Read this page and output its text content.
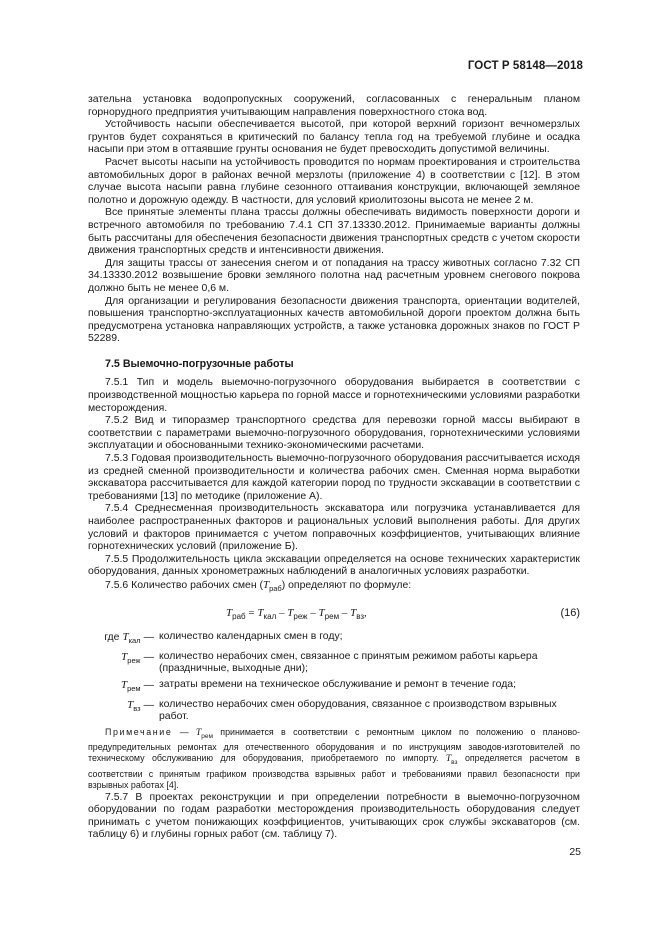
ГОСТ Р 58148—2018

зательна установка водопропускных сооружений, согласованных с генеральным планом горнорудного предприятия учитывающим направления поверхностного стока вод.

Устойчивость насыпи обеспечивается высотой, при которой верхний горизонт вечномерзлых грунтов будет сохраняться в критический по балансу тепла год на требуемой глубине и осадка насыпи при этом в оттаявшие грунты основания не будет превосходить допустимой величины.

Расчет высоты насыпи на устойчивость проводится по нормам проектирования и строительства автомобильных дорог в районах вечной мерзлоты (приложение 4) в соответствии с [12]. В этом случае высота насыпи равна глубине сезонного оттаивания конструкции, включающей земляное полотно и дорожную одежду. В частности, для условий криолитозоны высота не менее 2 м.

Все принятые элементы плана трассы должны обеспечивать видимость поверхности дороги и встречного автомобиля по требованию 7.4.1 СП 37.13330.2012. Принимаемые варианты должны быть рассчитаны для обеспечения безопасности движения транспортных средств с учетом скорости движения транспортных средств и интенсивности движения.

Для защиты трассы от занесения снегом и от попадания на трассу животных согласно 7.32 СП 34.13330.2012 возвышение бровки земляного полотна над расчетным уровнем снегового покрова должно быть не менее 0,6 м.

Для организации и регулирования безопасности движения транспорта, ориентации водителей, повышения транспортно-эксплуатационных качеств автомобильной дороги проектом должна быть предусмотрена установка направляющих устройств, а также установка дорожных знаков по ГОСТ Р 52289.

7.5 Выемочно-погрузочные работы

7.5.1 Тип и модель выемочно-погрузочного оборудования выбирается в соответствии с производственной мощностью карьера по горной массе и горнотехническими условиями разработки месторождения.

7.5.2 Вид и типоразмер транспортного средства для перевозки горной массы выбирают в соответствии с параметрами выемочно-погрузочного оборудования, горнотехническими условиями эксплуатации и обоснованными технико-экономическими расчетами.

7.5.3 Годовая производительность выемочно-погрузочного оборудования рассчитывается исходя из средней сменной производительности и количества рабочих смен. Сменная норма выработки экскаватора рассчитывается для каждой категории пород по трудности экскавации в соответствии с требованиями [13] по методике (приложение А).

7.5.4 Среднесменная производительность экскаватора или погрузчика устанавливается для наиболее распространенных факторов и рациональных условий выполнения работы. Для других условий и факторов принимается с учетом поправочных коэффициентов, учитывающих влияние горнотехнических условий (приложение Б).

7.5.5 Продолжительность цикла экскавации определяется на основе технических характеристик оборудования, данных хронометражных наблюдений в аналогичных условиях разработки.

7.5.6 Количество рабочих смен $(T_{раб})$ определяют по формуле:

$T_{раб} = T_{кал} - T_{реж} - T_{рем} - T_{вз}$,	(16)
где $T_{кал}$ — количество календарных смен в году;
$T_{реж}$ — количество нерабочих смен, связанное с принятым режимом работы карьера (праздничные, выходные дни);
$T_{рем}$ — затраты времени на техническое обслуживание и ремонт в течение года;
$T_{вз}$ — количество нерабочих смен оборудования, связанное с производством взрывных работ.

Примечание — $T_{рем}$ принимается в соответствии с ремонтным циклом по положению о планово-предупредительных ремонтах для отечественного оборудования и по инструкциям заводов-изготовителей по техническому обслуживанию для оборудования, приобретаемого по импорту. $T_{вз}$ определяется расчетом в соответствии с принятым графиком производства взрывных работ и требованиями правил безопасности при взрывных работах [4].

7.5.7 В проектах реконструкции и при определении потребности в выемочно-погрузочном оборудовании по годам разработки месторождения производительность оборудования следует принимать с учетом понижающих коэффициентов, учитывающих срок службы экскаваторов (см. таблицу 6) и глубины горных работ (см. таблицу 7).

25
